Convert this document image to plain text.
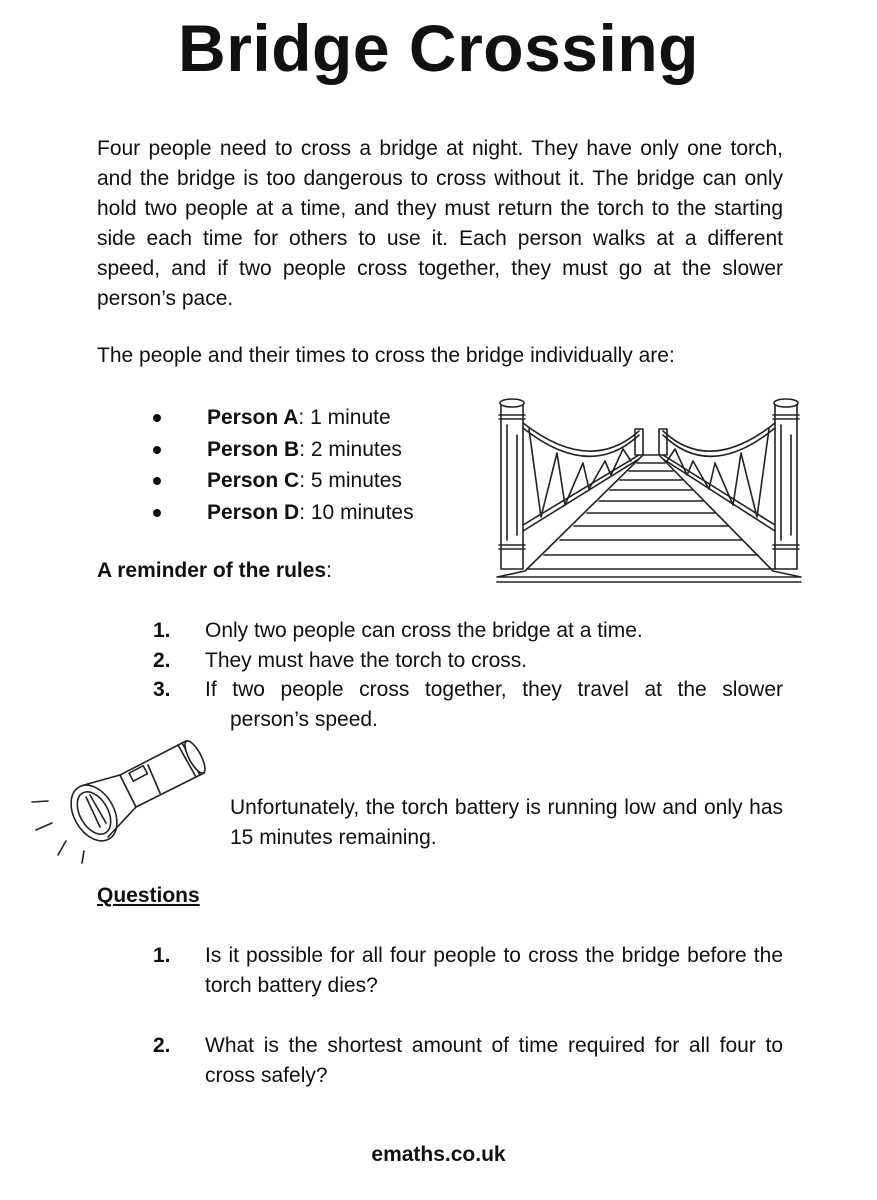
Bridge Crossing

Four people need to cross a bridge at night. They have only one torch, and the bridge is too dangerous to cross without it. The bridge can only hold two people at a time, and they must return the torch to the starting side each time for others to use it. Each person walks at a different speed, and if two people cross together, they must go at the slower person’s pace.

The people and their times to cross the bridge individually are:

Person A: 1 minute
Person B: 2 minutes
Person C: 5 minutes
Person D: 10 minutes
A reminder of the rules:
1. Only two people can cross the bridge at a time.
2. They must have the torch to cross.
3. If two people cross together, they travel at the slower
person’s speed.
Unfortunately, the torch battery is running low and only has 15 minutes remaining.
Questions
1. Is it possible for all four people to cross the bridge before the torch battery dies?
2. What is the shortest amount of time required for all four to cross safely?
emaths.co.uk
